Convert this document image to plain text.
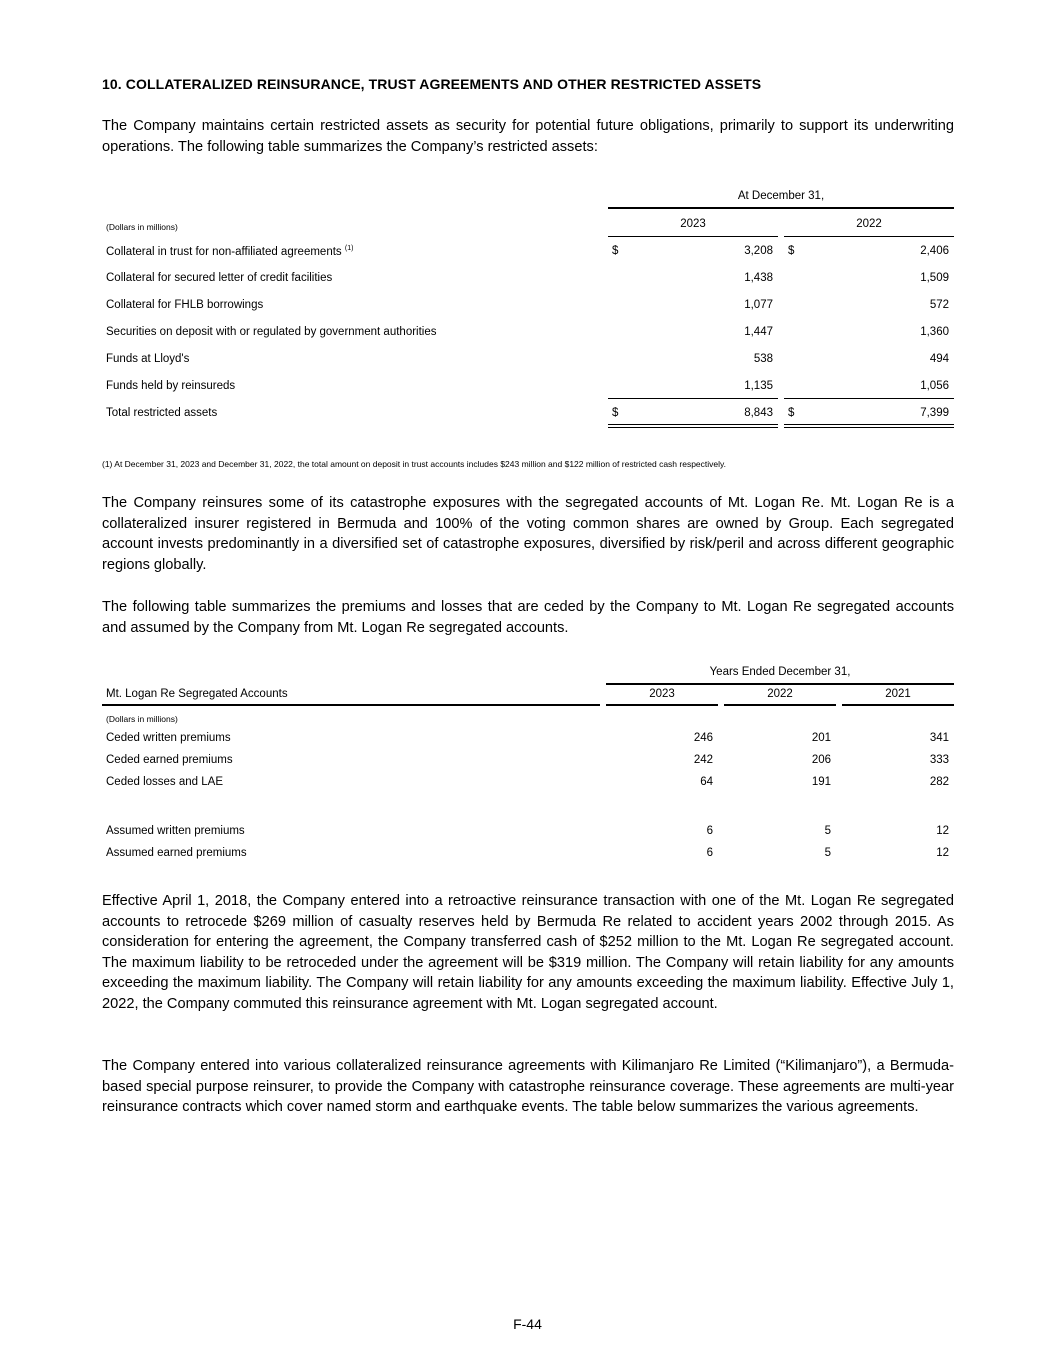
10. COLLATERALIZED REINSURANCE, TRUST AGREEMENTS AND OTHER RESTRICTED ASSETS

The Company maintains certain restricted assets as security for potential future obligations, primarily to support its underwriting operations. The following table summarizes the Company’s restricted assets:

At December 31,
(Dollars in millions)	2023	2022
Collateral in trust for non-affiliated agreements $^{(1)}$	$	3,208 $	2,406
Collateral for secured letter of credit facilities	1,438	1,509
Collateral for FHLB borrowings	1,077	572
Securities on deposit with or regulated by government authorities	1,447	1,360
Funds at Lloyd's	538	494
Funds held by reinsureds	1,135	1,056
Total restricted assets	$	8,843 $	7,399
(1) At December 31, 2023 and December 31, 2022, the total amount on deposit in trust accounts includes $243 million and $122 million of restricted cash respectively.

The Company reinsures some of its catastrophe exposures with the segregated accounts of Mt. Logan Re. Mt. Logan Re is a collateralized insurer registered in Bermuda and 100% of the voting common shares are owned by Group. Each segregated account invests predominantly in a diversified set of catastrophe exposures, diversified by risk/peril and across different geographic regions globally.

The following table summarizes the premiums and losses that are ceded by the Company to Mt. Logan Re segregated accounts and assumed by the Company from Mt. Logan Re segregated accounts.

Years Ended December 31,
Mt. Logan Re Segregated Accounts	2023	2022	2021
(Dollars in millions)
Ceded written premiums	246	201	341
Ceded earned premiums	242	206	333
Ceded losses and LAE	64	191	282
Assumed written premiums	6	5	12
Assumed earned premiums	6	5	12

Effective April 1, 2018, the Company entered into a retroactive reinsurance transaction with one of the Mt. Logan Re segregated accounts to retrocede $269 million of casualty reserves held by Bermuda Re related to accident years 2002 through 2015. As consideration for entering the agreement, the Company transferred cash of $252 million to the Mt. Logan Re segregated account. The maximum liability to be retroceded under the agreement will be $319 million. The Company will retain liability for any amounts exceeding the maximum liability. The Company will retain liability for any amounts exceeding the maximum liability. Effective July 1, 2022, the Company commuted this reinsurance agreement with Mt. Logan segregated account.

The Company entered into various collateralized reinsurance agreements with Kilimanjaro Re Limited (“Kilimanjaro”), a Bermuda-based special purpose reinsurer, to provide the Company with catastrophe reinsurance coverage. These agreements are multi-year reinsurance contracts which cover named storm and earthquake events. The table below summarizes the various agreements.

F-44
